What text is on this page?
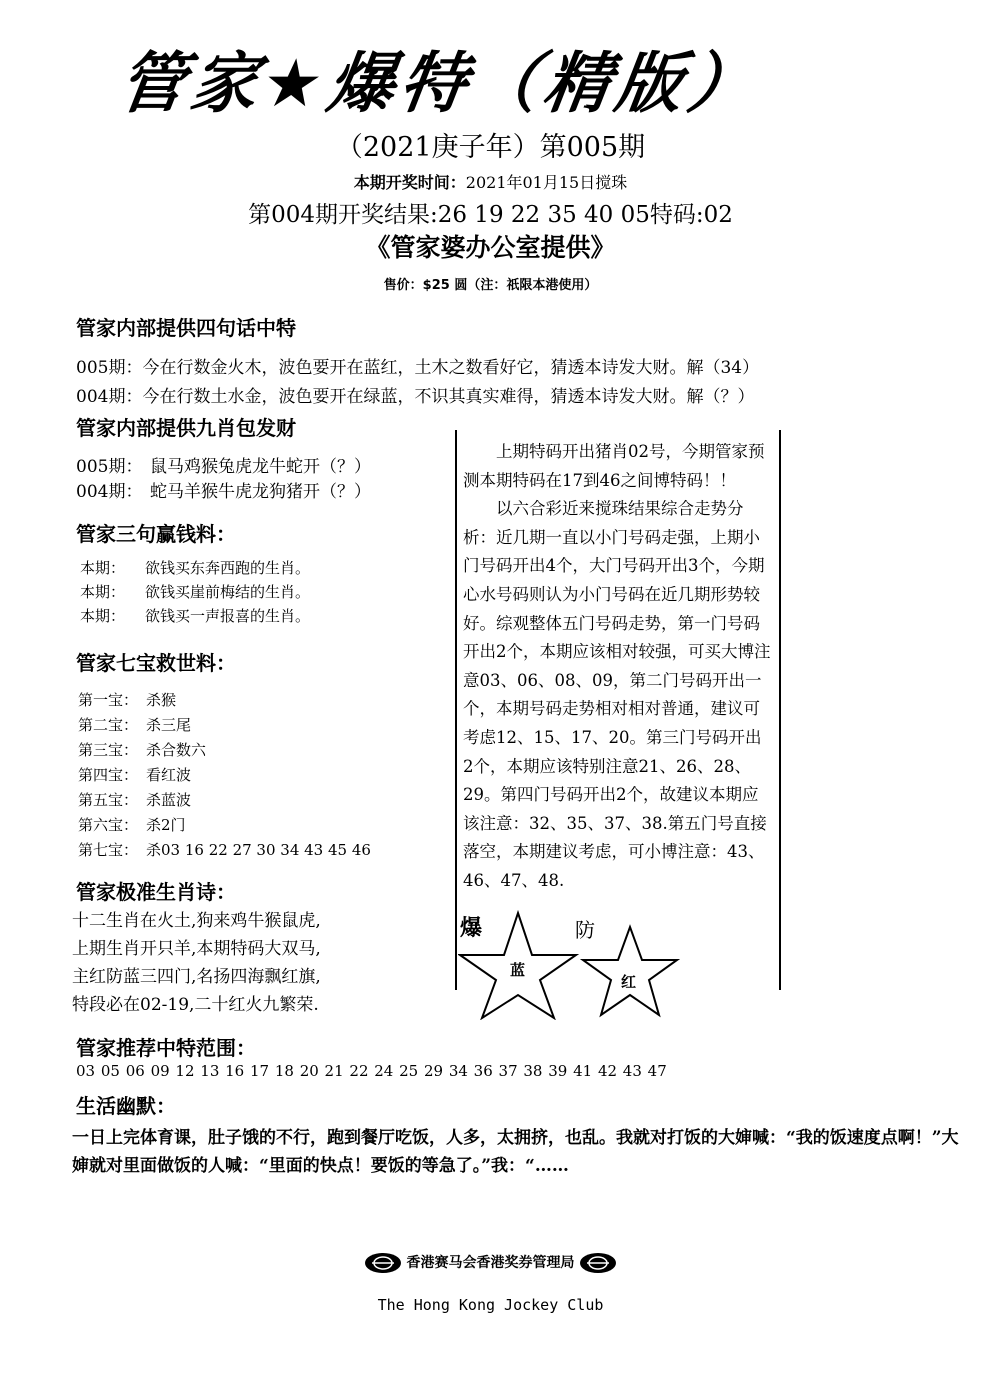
管家★爆特（精版）
（2021庚子年）第005期
本期开奖时间：2021年01月15日搅珠
第004期开奖结果:26 19 22 35 40 05特码:02
《管家婆办公室提供》
售价：$25 圆（注：祇限本港使用）
管家内部提供四句话中特
005期：今在行数金火木，波色要开在蓝红，土木之数看好它，猜透本诗发大财。解（34）
004期：今在行数土水金，波色要开在绿蓝，不识其真实难得，猜透本诗发大财。解（？）
管家内部提供九肖包发财
005期： 鼠马鸡猴兔虎龙牛蛇开（？）
004期： 蛇马羊猴牛虎龙狗猪开（？）
管家三句赢钱料：
本期： 欲钱买东奔西跑的生肖。
本期： 欲钱买崖前梅结的生肖。
本期： 欲钱买一声报喜的生肖。
管家七宝救世料：
第一宝： 杀猴
第二宝： 杀三尾
第三宝： 杀合数六
第四宝： 看红波
第五宝： 杀蓝波
第六宝： 杀2门
第七宝： 杀03 16 22 27 30 34 43 45 46
管家极准生肖诗：
十二生肖在火土,狗来鸡牛猴鼠虎,
上期生肖开只羊,本期特码大双马,
主红防蓝三四门,名扬四海飘红旗,
特段必在02-19,二十红火九繁荣.

上期特码开出猪肖02号，今期管家预测本期特码在17到46之间博特码！！

以六合彩近来搅珠结果综合走势分析：近几期一直以小门号码走强，上期小门号码开出4个，大门号码开出3个，今期心水号码则认为小门号码在近几期形势较好。综观整体五门号码走势，第一门号码开出2个，本期应该相对较强，可买大博注意03、06、08、09，第二门号码开出一个，本期号码走势相对相对普通，建议可考虑12、15、17、20。第三门号码开出2个，本期应该特别注意21、26、28、29。第四门号码开出2个，故建议本期应该注意：32、35、37、38.第五门号直接落空，本期建议考虑，可小博注意：43、46、47、48.

爆
蓝
防
红
管家推荐中特范围：
03 05 06 09 12 13 16 17 18 20 21 22 24 25 29 34 36 37 38 39 41 42 43 47
生活幽默：
一日上完体育课，肚子饿的不行，跑到餐厅吃饭，人多，太拥挤，也乱。我就对打饭的大婶喊：“我的饭速度点啊！”大婶就对里面做饭的人喊：“里面的快点！要饭的等急了。”我：“……
香港赛马会香港奖券管理局
The Hong Kong Jockey Club
